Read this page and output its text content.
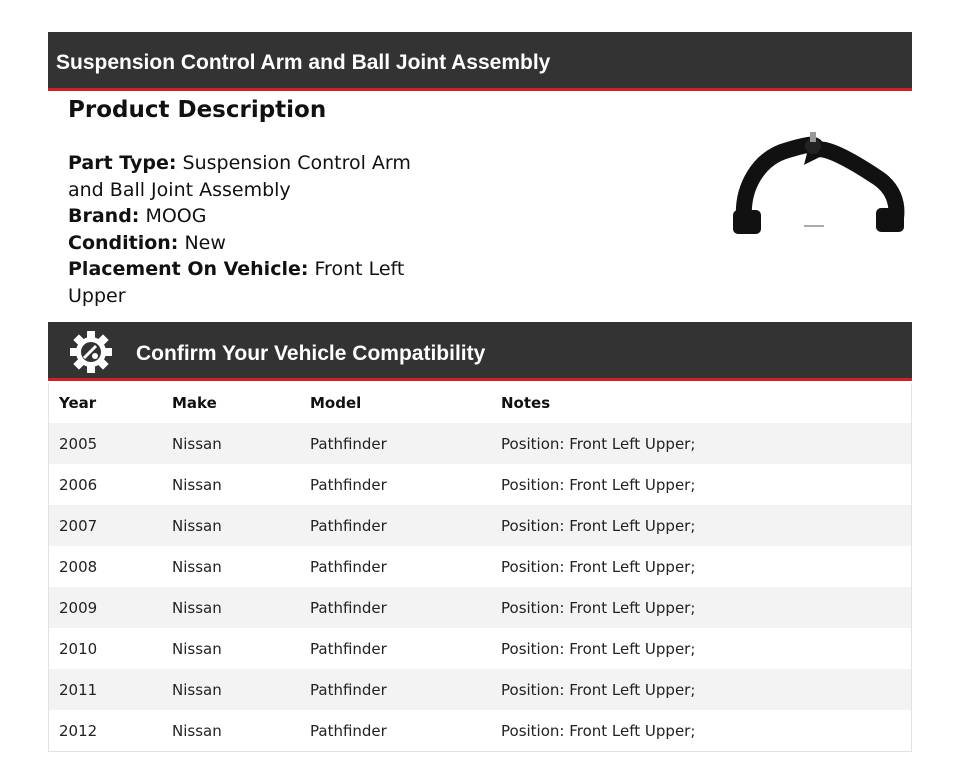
Suspension Control Arm and Ball Joint Assembly
Product Description
Part Type: Suspension Control Arm and Ball Joint Assembly
Brand: MOOG
Condition: New
Placement On Vehicle: Front Left Upper
Confirm Your Vehicle Compatibility
Year	Make	Model	Notes
2005	Nissan	Pathfinder	Position: Front Left Upper;
2006	Nissan	Pathfinder	Position: Front Left Upper;
2007	Nissan	Pathfinder	Position: Front Left Upper;
2008	Nissan	Pathfinder	Position: Front Left Upper;
2009	Nissan	Pathfinder	Position: Front Left Upper;
2010	Nissan	Pathfinder	Position: Front Left Upper;
2011	Nissan	Pathfinder	Position: Front Left Upper;
2012	Nissan	Pathfinder	Position: Front Left Upper;
